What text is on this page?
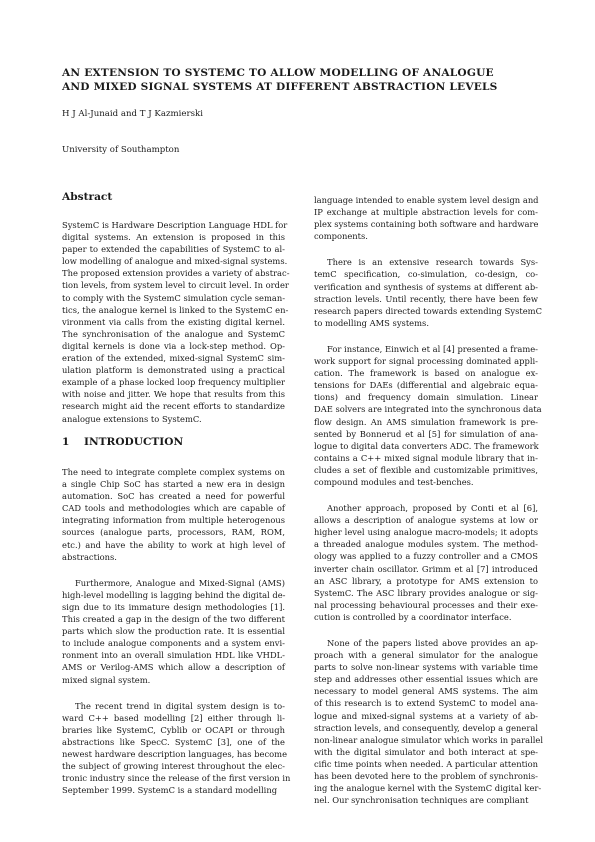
AN EXTENSION TO SYSTEMC TO ALLOW MODELLING OF ANALOGUE
AND MIXED SIGNAL SYSTEMS AT DIFFERENT ABSTRACTION LEVELS
H J Al-Junaid and T J Kazmierski
University of Southampton
Abstract

SystemC is Hardware Description Language HDL for
digital systems. An extension is proposed in this
paper to extended the capabilities of SystemC to al-
low modelling of analogue and mixed-signal systems.
The proposed extension provides a variety of abstrac-
tion levels, from system level to circuit level. In order
to comply with the SystemC simulation cycle seman-
tics, the analogue kernel is linked to the SystemC en-
vironment via calls from the existing digital kernel.
The synchronisation of the analogue and SystemC
digital kernels is done via a lock-step method. Op-
eration of the extended, mixed-signal SystemC sim-
ulation platform is demonstrated using a practical
example of a phase locked loop frequency multiplier
with noise and jitter. We hope that results from this
research might aid the recent efforts to standardize
analogue extensions to SystemC.

1 INTRODUCTION

The need to integrate complete complex systems on
a single Chip SoC has started a new era in design
automation. SoC has created a need for powerful
CAD tools and methodologies which are capable of
integrating information from multiple heterogenous
sources (analogue parts, processors, RAM, ROM,
etc.) and have the ability to work at high level of
abstractions.

Furthermore, Analogue and Mixed-Signal (AMS)
high-level modelling is lagging behind the digital de-
sign due to its immature design methodologies [1].
This created a gap in the design of the two different
parts which slow the production rate. It is essential
to include analogue components and a system envi-
ronment into an overall simulation HDL like VHDL-
AMS or Verilog-AMS which allow a description of
mixed signal system.

The recent trend in digital system design is to-
ward C++ based modelling [2] either through li-
braries like SystemC, Cyblib or OCAPI or through
abstractions like SpecC. SystemC [3], one of the
newest hardware description languages, has become
the subject of growing interest throughout the elec-
tronic industry since the release of the first version in
September 1999. SystemC is a standard modelling

language intended to enable system level design and
IP exchange at multiple abstraction levels for com-
plex systems containing both software and hardware
components.

There is an extensive research towards Sys-
temC specification, co-simulation, co-design, co-
verification and synthesis of systems at different ab-
straction levels. Until recently, there have been few
research papers directed towards extending SystemC
to modelling AMS systems.

For instance, Einwich et al [4] presented a frame-
work support for signal processing dominated appli-
cation. The framework is based on analogue ex-
tensions for DAEs (differential and algebraic equa-
tions) and frequency domain simulation. Linear
DAE solvers are integrated into the synchronous data
flow design. An AMS simulation framework is pre-
sented by Bonnerud et al [5] for simulation of ana-
logue to digital data converters ADC. The framework
contains a C++ mixed signal module library that in-
cludes a set of flexible and customizable primitives,
compound modules and test-benches.

Another approach, proposed by Conti et al [6],
allows a description of analogue systems at low or
higher level using analogue macro-models; it adopts
a threaded analogue modules system. The method-
ology was applied to a fuzzy controller and a CMOS
inverter chain oscillator. Grimm et al [7] introduced
an ASC library, a prototype for AMS extension to
SystemC. The ASC library provides analogue or sig-
nal processing behavioural processes and their exe-
cution is controlled by a coordinator interface.

None of the papers listed above provides an ap-
proach with a general simulator for the analogue
parts to solve non-linear systems with variable time
step and addresses other essential issues which are
necessary to model general AMS systems. The aim
of this research is to extend SystemC to model ana-
logue and mixed-signal systems at a variety of ab-
straction levels, and consequently, develop a general
non-linear analogue simulator which works in parallel
with the digital simulator and both interact at spe-
cific time points when needed. A particular attention
has been devoted here to the problem of synchronis-
ing the analogue kernel with the SystemC digital ker-
nel. Our synchronisation techniques are compliant
